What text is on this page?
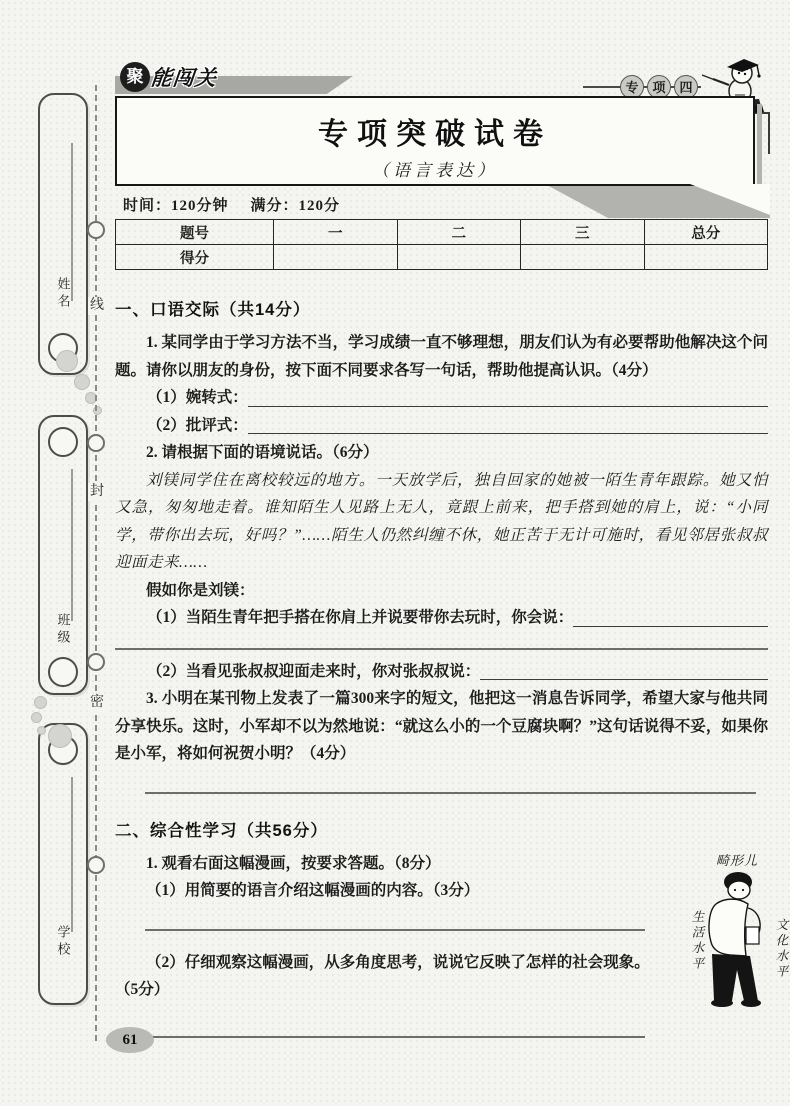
姓名
班级
学校
线
封
密
聚 能闯关	专	项	四
专项突破试卷
（语言表达）
时间：120分钟 满分：120分
题号	一	二	三	总分
得分				
一、口语交际（共14分）

1. 某同学由于学习方法不当，学习成绩一直不够理想，朋友们认为有必要帮助他解决这个问题。请你以朋友的身份，按下面不同要求各写一句话，帮助他提高认识。（4分）

（1）婉转式：
（2）批评式：

2. 请根据下面的语境说话。（6分）

刘镁同学住在离校较远的地方。一天放学后，独自回家的她被一陌生青年跟踪。她又怕又急，匆匆地走着。谁知陌生人见路上无人，竟跟上前来，把手搭到她的肩上，说：“小同学，带你出去玩，好吗？”……陌生人仍然纠缠不休，她正苦于无计可施时，看见邻居张叔叔迎面走来……

假如你是刘镁：

（1）当陌生青年把手搭在你肩上并说要带你去玩时，你会说：
（2）当看见张叔叔迎面走来时，你对张叔叔说：

3. 小明在某刊物上发表了一篇300来字的短文，他把这一消息告诉同学，希望大家与他共同分享快乐。这时，小军却不以为然地说：“就这么小的一个豆腐块啊？”这句话说得不妥，如果你是小军，将如何祝贺小明？（4分）

二、综合性学习（共56分）

1. 观看右面这幅漫画，按要求答题。（8分）

（1）用简要的语言介绍这幅漫画的内容。（3分）

（2）仔细观察这幅漫画，从多角度思考，说说它反映了怎样的社会现象。

（5分）

畸形儿
生活水平	文化水平
61
